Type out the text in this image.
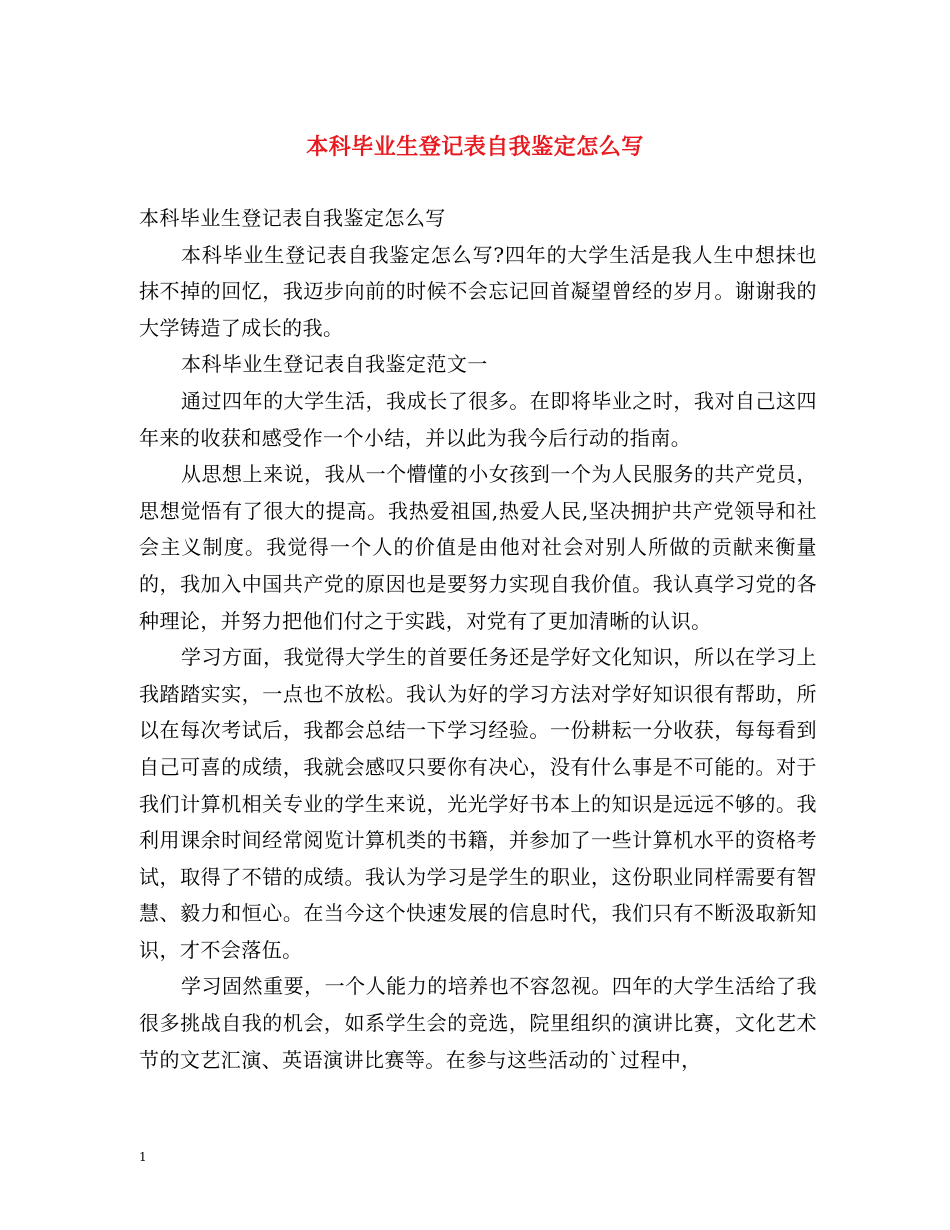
本科毕业生登记表自我鉴定怎么写

本科毕业生登记表自我鉴定怎么写

本科毕业生登记表自我鉴定怎么写?四年的大学生活是我人生中想抹也抹不掉的回忆，我迈步向前的时候不会忘记回首凝望曾经的岁月。谢谢我的大学铸造了成长的我。

本科毕业生登记表自我鉴定范文一

通过四年的大学生活，我成长了很多。在即将毕业之时，我对自己这四年来的收获和感受作一个小结，并以此为我今后行动的指南。

从思想上来说，我从一个懵懂的小女孩到一个为人民服务的共产党员，思想觉悟有了很大的提高。我热爱祖国,热爱人民,坚决拥护共产党领导和社会主义制度。我觉得一个人的价值是由他对社会对别人所做的贡献来衡量的，我加入中国共产党的原因也是要努力实现自我价值。我认真学习党的各种理论，并努力把他们付之于实践，对党有了更加清晰的认识。

学习方面，我觉得大学生的首要任务还是学好文化知识，所以在学习上我踏踏实实，一点也不放松。我认为好的学习方法对学好知识很有帮助，所以在每次考试后，我都会总结一下学习经验。一份耕耘一分收获，每每看到自己可喜的成绩，我就会感叹只要你有决心，没有什么事是不可能的。对于我们计算机相关专业的学生来说，光光学好书本上的知识是远远不够的。我利用课余时间经常阅览计算机类的书籍，并参加了一些计算机水平的资格考试，取得了不错的成绩。我认为学习是学生的职业，这份职业同样需要有智慧、毅力和恒心。在当今这个快速发展的信息时代，我们只有不断汲取新知识，才不会落伍。

学习固然重要，一个人能力的培养也不容忽视。四年的大学生活给了我很多挑战自我的机会，如系学生会的竞选，院里组织的演讲比赛，文化艺术节的文艺汇演、英语演讲比赛等。在参与这些活动的`过程中，

1
